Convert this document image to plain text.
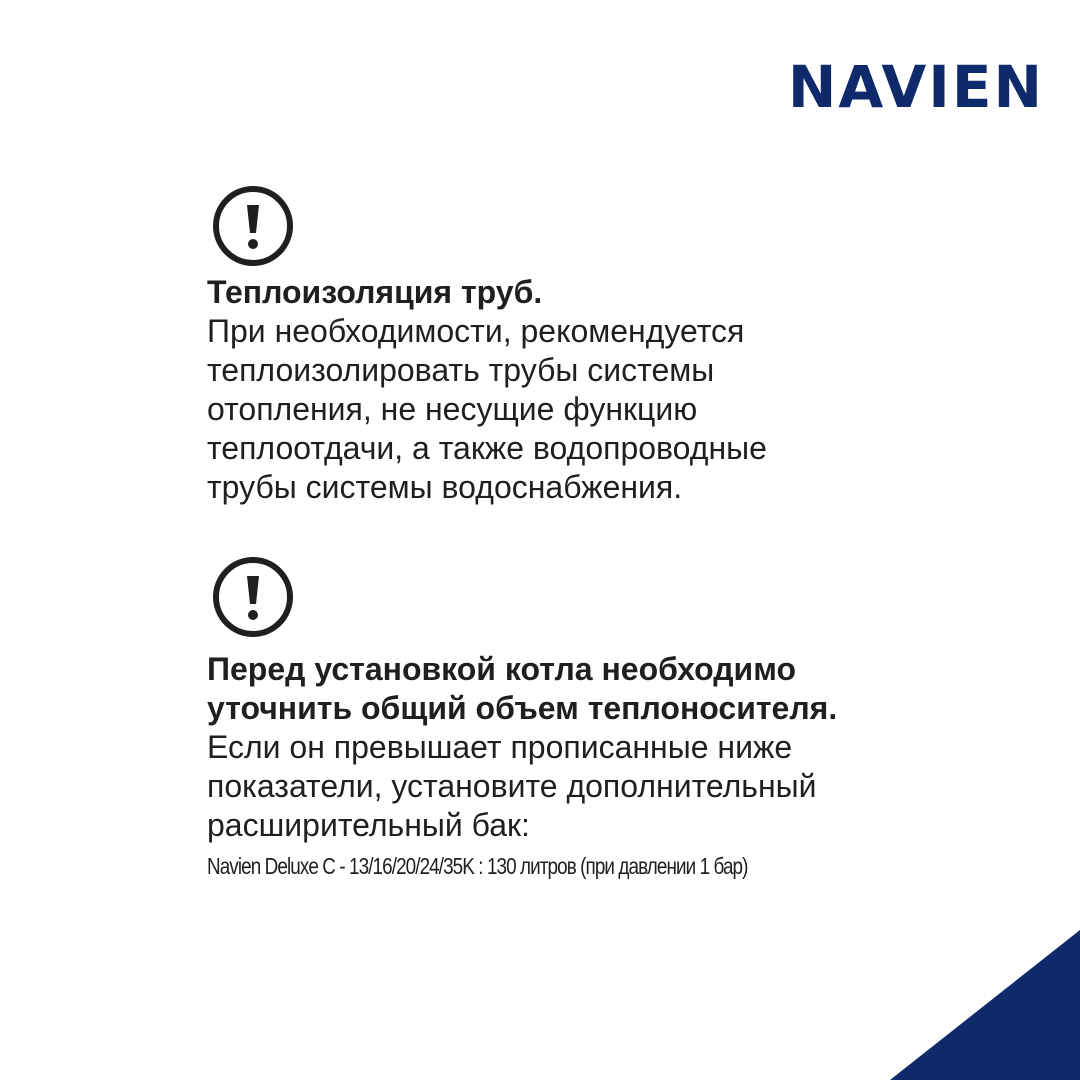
NAVIEN
Теплоизоляция труб.
При необходимости, рекомендуется
теплоизолировать трубы системы
отопления, не несущие функцию
теплоотдачи, а также водопроводные
трубы системы водоснабжения.
Перед установкой котла необходимо
уточнить общий объем теплоносителя.
Если он превышает прописанные ниже
показатели, установите дополнительный
расширительный бак:
Navien Deluxe C - 13/16/20/24/35K : 130 литров (при давлении 1 бар)
